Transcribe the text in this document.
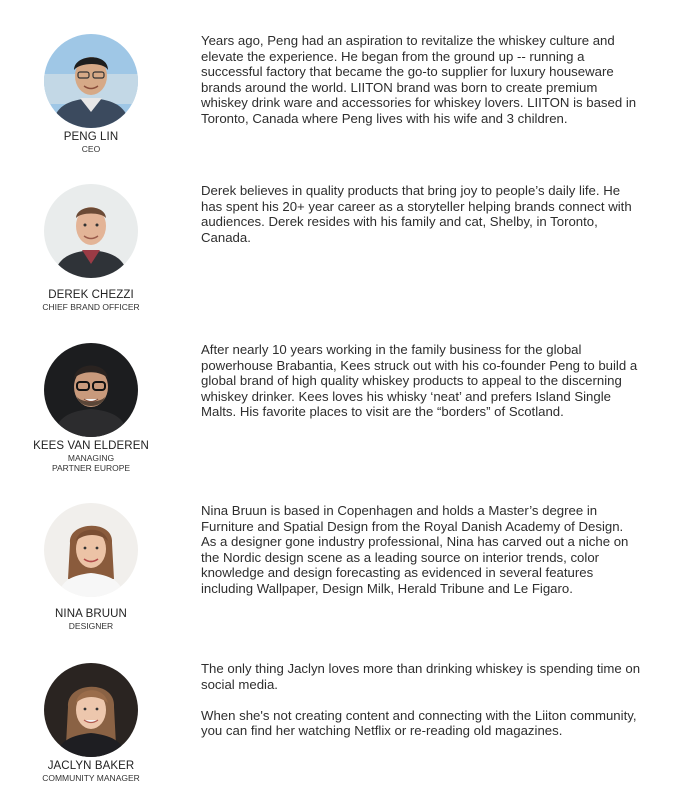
PENG LIN
CEO

Years ago, Peng had an aspiration to revitalize the whiskey culture and elevate the experience. He began from the ground up -- running a successful factory that became the go-to supplier for luxury houseware brands around the world. LIITON brand was born to create premium whiskey drink ware and accessories for whiskey lovers. LIITON is based in Toronto, Canada where Peng lives with his wife and 3 children.

DEREK CHEZZI
CHIEF BRAND OFFICER

Derek believes in quality products that bring joy to people’s daily life. He has spent his 20+ year career as a storyteller helping brands connect with audiences. Derek resides with his family and cat, Shelby, in Toronto, Canada.

KEES VAN ELDEREN
MANAGING
PARTNER EUROPE

After nearly 10 years working in the family business for the global powerhouse Brabantia, Kees struck out with his co-founder Peng to build a global brand of high quality whiskey products to appeal to the discerning whiskey drinker. Kees loves his whisky ‘neat’ and prefers Island Single Malts. His favorite places to visit are the “borders” of Scotland.

NINA BRUUN
DESIGNER

Nina Bruun is based in Copenhagen and holds a Master’s degree in Furniture and Spatial Design from the Royal Danish Academy of Design. As a designer gone industry professional, Nina has carved out a niche on the Nordic design scene as a leading source on interior trends, color knowledge and design forecasting as evidenced in several features including Wallpaper, Design Milk, Herald Tribune and Le Figaro.

JACLYN BAKER
COMMUNITY MANAGER

The only thing Jaclyn loves more than drinking whiskey is spending time on social media.

When she's not creating content and connecting with the Liiton community, you can find her watching Netflix or re-reading old magazines.
